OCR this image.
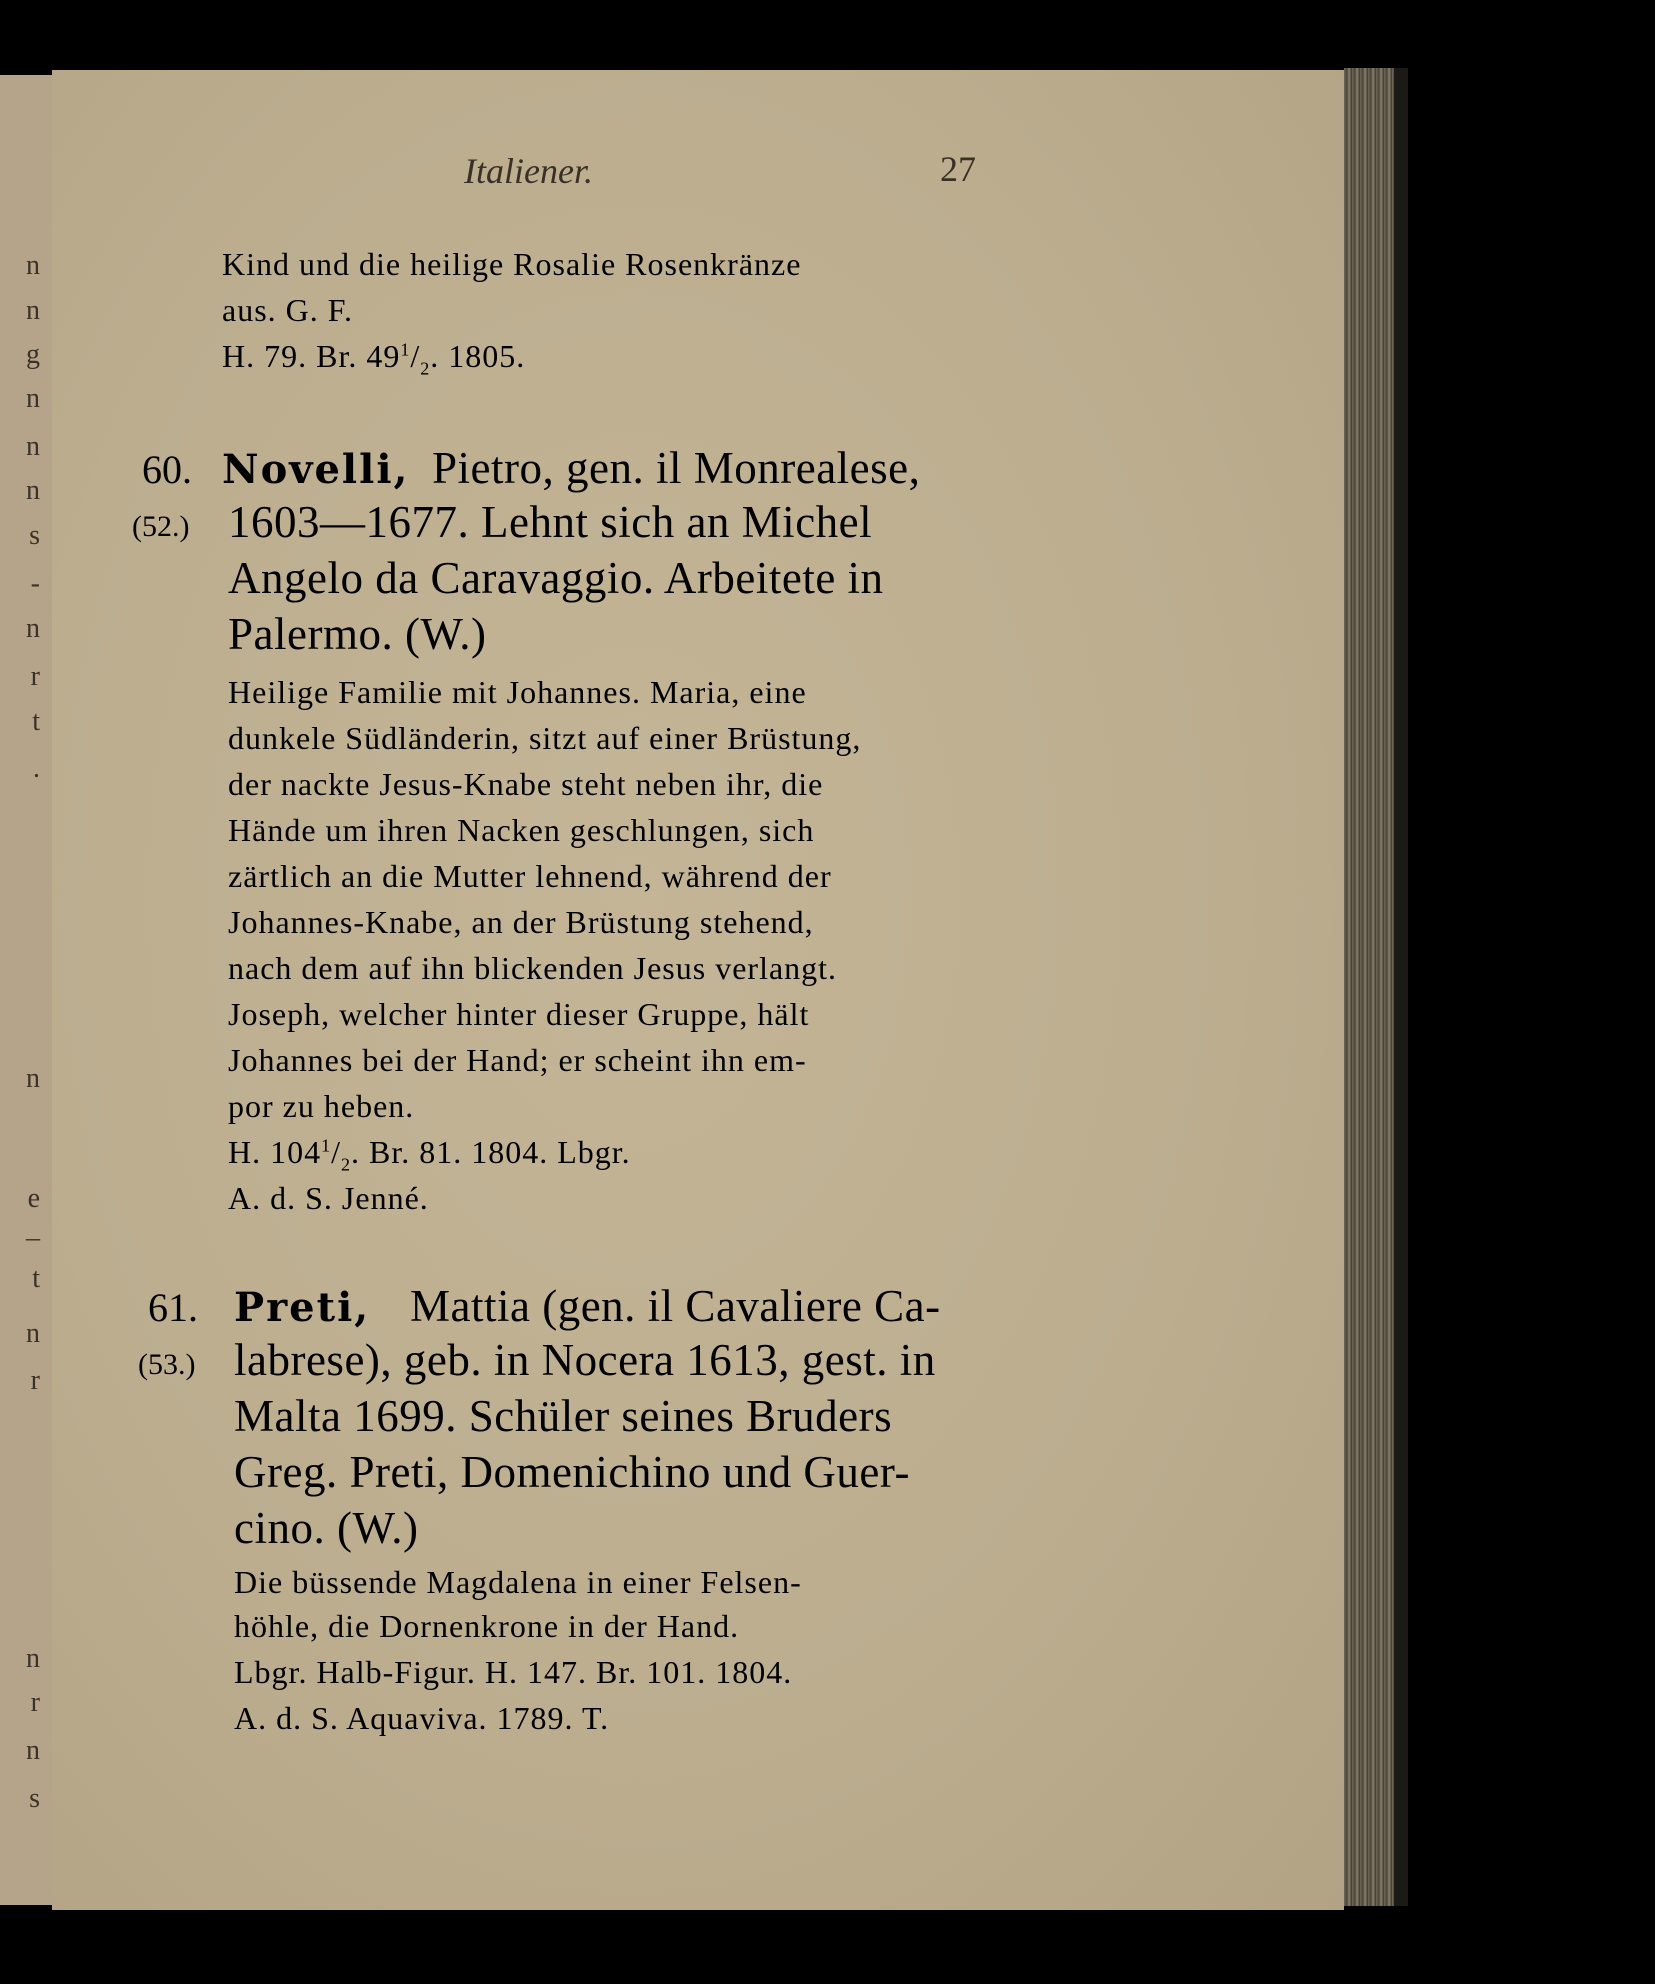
n
n
g
n
n
n
s
-
n
r
t
.
n
e
_
t
n
r
n
r
n
s
Italiener.	27
Kind und die heilige Rosalie Rosenkränze
aus. G. F.
H. 79. Br. $49^1/_2$. 1805.
60. Novelli, Pietro, gen. il Monrealese,
(52.) 1603—1677. Lehnt sich an Michel
Angelo da Caravaggio. Arbeitete in
Palermo. (W.)
Heilige Familie mit Johannes. Maria, eine
dunkele Südländerin, sitzt auf einer Brüstung,
der nackte Jesus-Knabe steht neben ihr, die
Hände um ihren Nacken geschlungen, sich
zärtlich an die Mutter lehnend, während der
Johannes-Knabe, an der Brüstung stehend,
nach dem auf ihn blickenden Jesus verlangt.
Joseph, welcher hinter dieser Gruppe, hält
Johannes bei der Hand; er scheint ihn em-
por zu heben.
H. $104^1/_2$. Br. 81. 1804. Lbgr.
A. d. S. Jenné.
61. Preti, Mattia (gen. il Cavaliere Ca-
(53.) labrese), geb. in Nocera 1613, gest. in
Malta 1699. Schüler seines Bruders
Greg. Preti, Domenichino und Guer-
cino. (W.)
Die büssende Magdalena in einer Felsen-
höhle, die Dornenkrone in der Hand.
Lbgr. Halb-Figur. H. 147. Br. 101. 1804.
A. d. S. Aquaviva. 1789. T.
